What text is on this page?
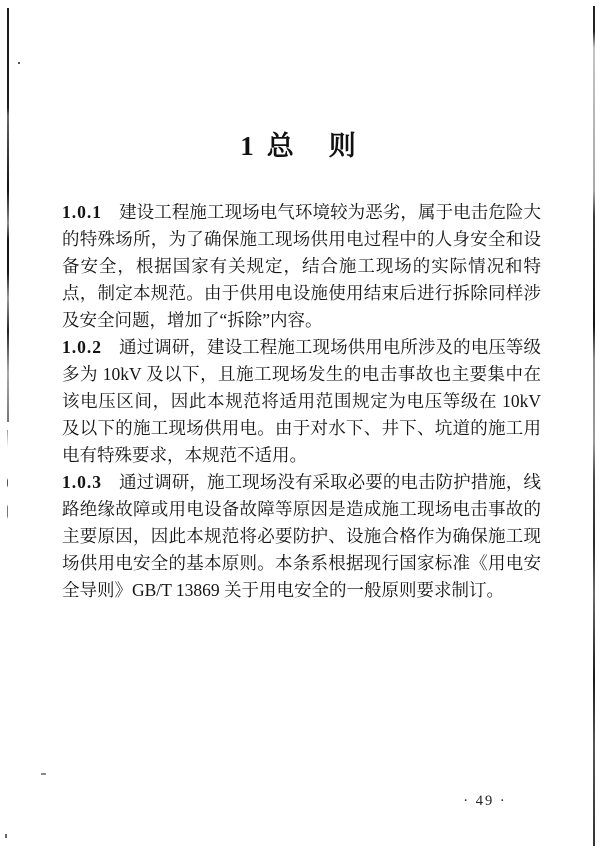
1 总　则

1.0.1 建设工程施工现场电气环境较为恶劣，属于电击危险大的特殊场所，为了确保施工现场供用电过程中的人身安全和设备安全，根据国家有关规定，结合施工现场的实际情况和特点，制定本规范。由于供用电设施使用结束后进行拆除同样涉及安全问题，增加了“拆除”内容。

1.0.2 通过调研，建设工程施工现场供用电所涉及的电压等级多为 10kV 及以下，且施工现场发生的电击事故也主要集中在该电压区间，因此本规范将适用范围规定为电压等级在 10kV 及以下的施工现场供用电。由于对水下、井下、坑道的施工用电有特殊要求，本规范不适用。

1.0.3 通过调研，施工现场没有采取必要的电击防护措施，线路绝缘故障或用电设备故障等原因是造成施工现场电击事故的主要原因，因此本规范将必要防护、设施合格作为确保施工现场供用电安全的基本原则。本条系根据现行国家标准《用电安全导则》GB/T 13869 关于用电安全的一般原则要求制订。

· 49 ·
